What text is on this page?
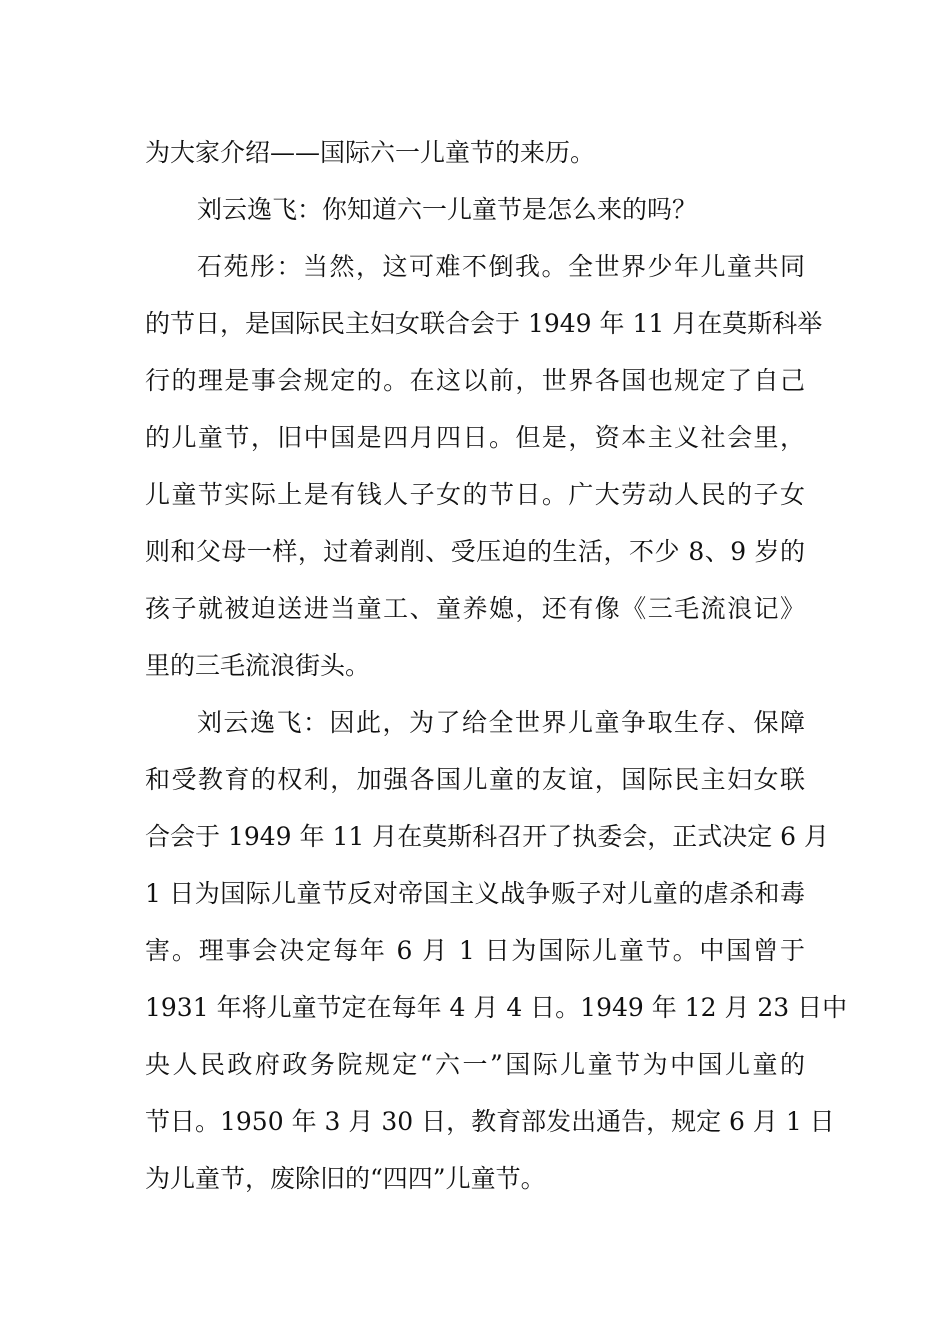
为大家介绍——国际六一儿童节的来历。
刘云逸飞：你知道六一儿童节是怎么来的吗？
石苑彤：当然，这可难不倒我。全世界少年儿童共同
的节日，是国际民主妇女联合会于 1949 年 11 月在莫斯科举
行的理是事会规定的。在这以前，世界各国也规定了自己
的儿童节，旧中国是四月四日。但是，资本主义社会里，
儿童节实际上是有钱人子女的节日。广大劳动人民的子女
则和父母一样，过着剥削、受压迫的生活，不少 8、9 岁的
孩子就被迫送进当童工、童养媳，还有像《三毛流浪记》
里的三毛流浪街头。
刘云逸飞：因此，为了给全世界儿童争取生存、保障
和受教育的权利，加强各国儿童的友谊，国际民主妇女联
合会于 1949 年 11 月在莫斯科召开了执委会，正式决定 6 月
1 日为国际儿童节反对帝国主义战争贩子对儿童的虐杀和毒
害。理事会决定每年 6 月 1 日为国际儿童节。中国曾于
1931 年将儿童节定在每年 4 月 4 日。1949 年 12 月 23 日中
央人民政府政务院规定“六一”国际儿童节为中国儿童的
节日。1950 年 3 月 30 日，教育部发出通告，规定 6 月 1 日
为儿童节，废除旧的“四四”儿童节。
